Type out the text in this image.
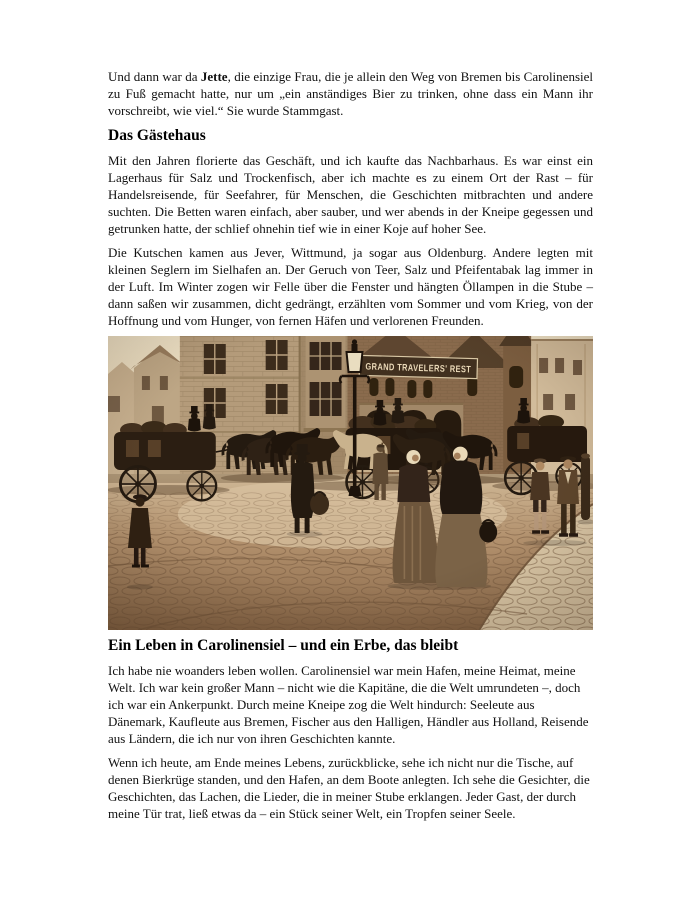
Und dann war da Jette, die einzige Frau, die je allein den Weg von Bremen bis Carolinensiel zu Fuß gemacht hatte, nur um „ein anständiges Bier zu trinken, ohne dass ein Mann ihr vorschreibt, wie viel.“ Sie wurde Stammgast.

Das Gästehaus

Mit den Jahren florierte das Geschäft, und ich kaufte das Nachbarhaus. Es war einst ein Lagerhaus für Salz und Trockenfisch, aber ich machte es zu einem Ort der Rast – für Handelsreisende, für Seefahrer, für Menschen, die Geschichten mitbrachten und andere suchten. Die Betten waren einfach, aber sauber, und wer abends in der Kneipe gegessen und getrunken hatte, der schlief ohnehin tief wie in einer Koje auf hoher See.

Die Kutschen kamen aus Jever, Wittmund, ja sogar aus Oldenburg. Andere legten mit kleinen Seglern im Sielhafen an. Der Geruch von Teer, Salz und Pfeifentabak lag immer in der Luft. Im Winter zogen wir Felle über die Fenster und hängten Öllampen in die Stube – dann saßen wir zusammen, dicht gedrängt, erzählten vom Sommer und vom Krieg, von der Hoffnung und vom Hunger, von fernen Häfen und verlorenen Freunden.

Ein Leben in Carolinensiel – und ein Erbe, das bleibt

Ich habe nie woanders leben wollen. Carolinensiel war mein Hafen, meine Heimat, meine Welt. Ich war kein großer Mann – nicht wie die Kapitäne, die die Welt umrundeten –, doch ich war ein Ankerpunkt. Durch meine Kneipe zog die Welt hindurch: Seeleute aus Dänemark, Kaufleute aus Bremen, Fischer aus den Halligen, Händler aus Holland, Reisende aus Ländern, die ich nur von ihren Geschichten kannte.

Wenn ich heute, am Ende meines Lebens, zurückblicke, sehe ich nicht nur die Tische, auf denen Bierkrüge standen, und den Hafen, an dem Boote anlegten. Ich sehe die Gesichter, die Geschichten, das Lachen, die Lieder, die in meiner Stube erklangen. Jeder Gast, der durch meine Tür trat, ließ etwas da – ein Stück seiner Welt, ein Tropfen seiner Seele.
